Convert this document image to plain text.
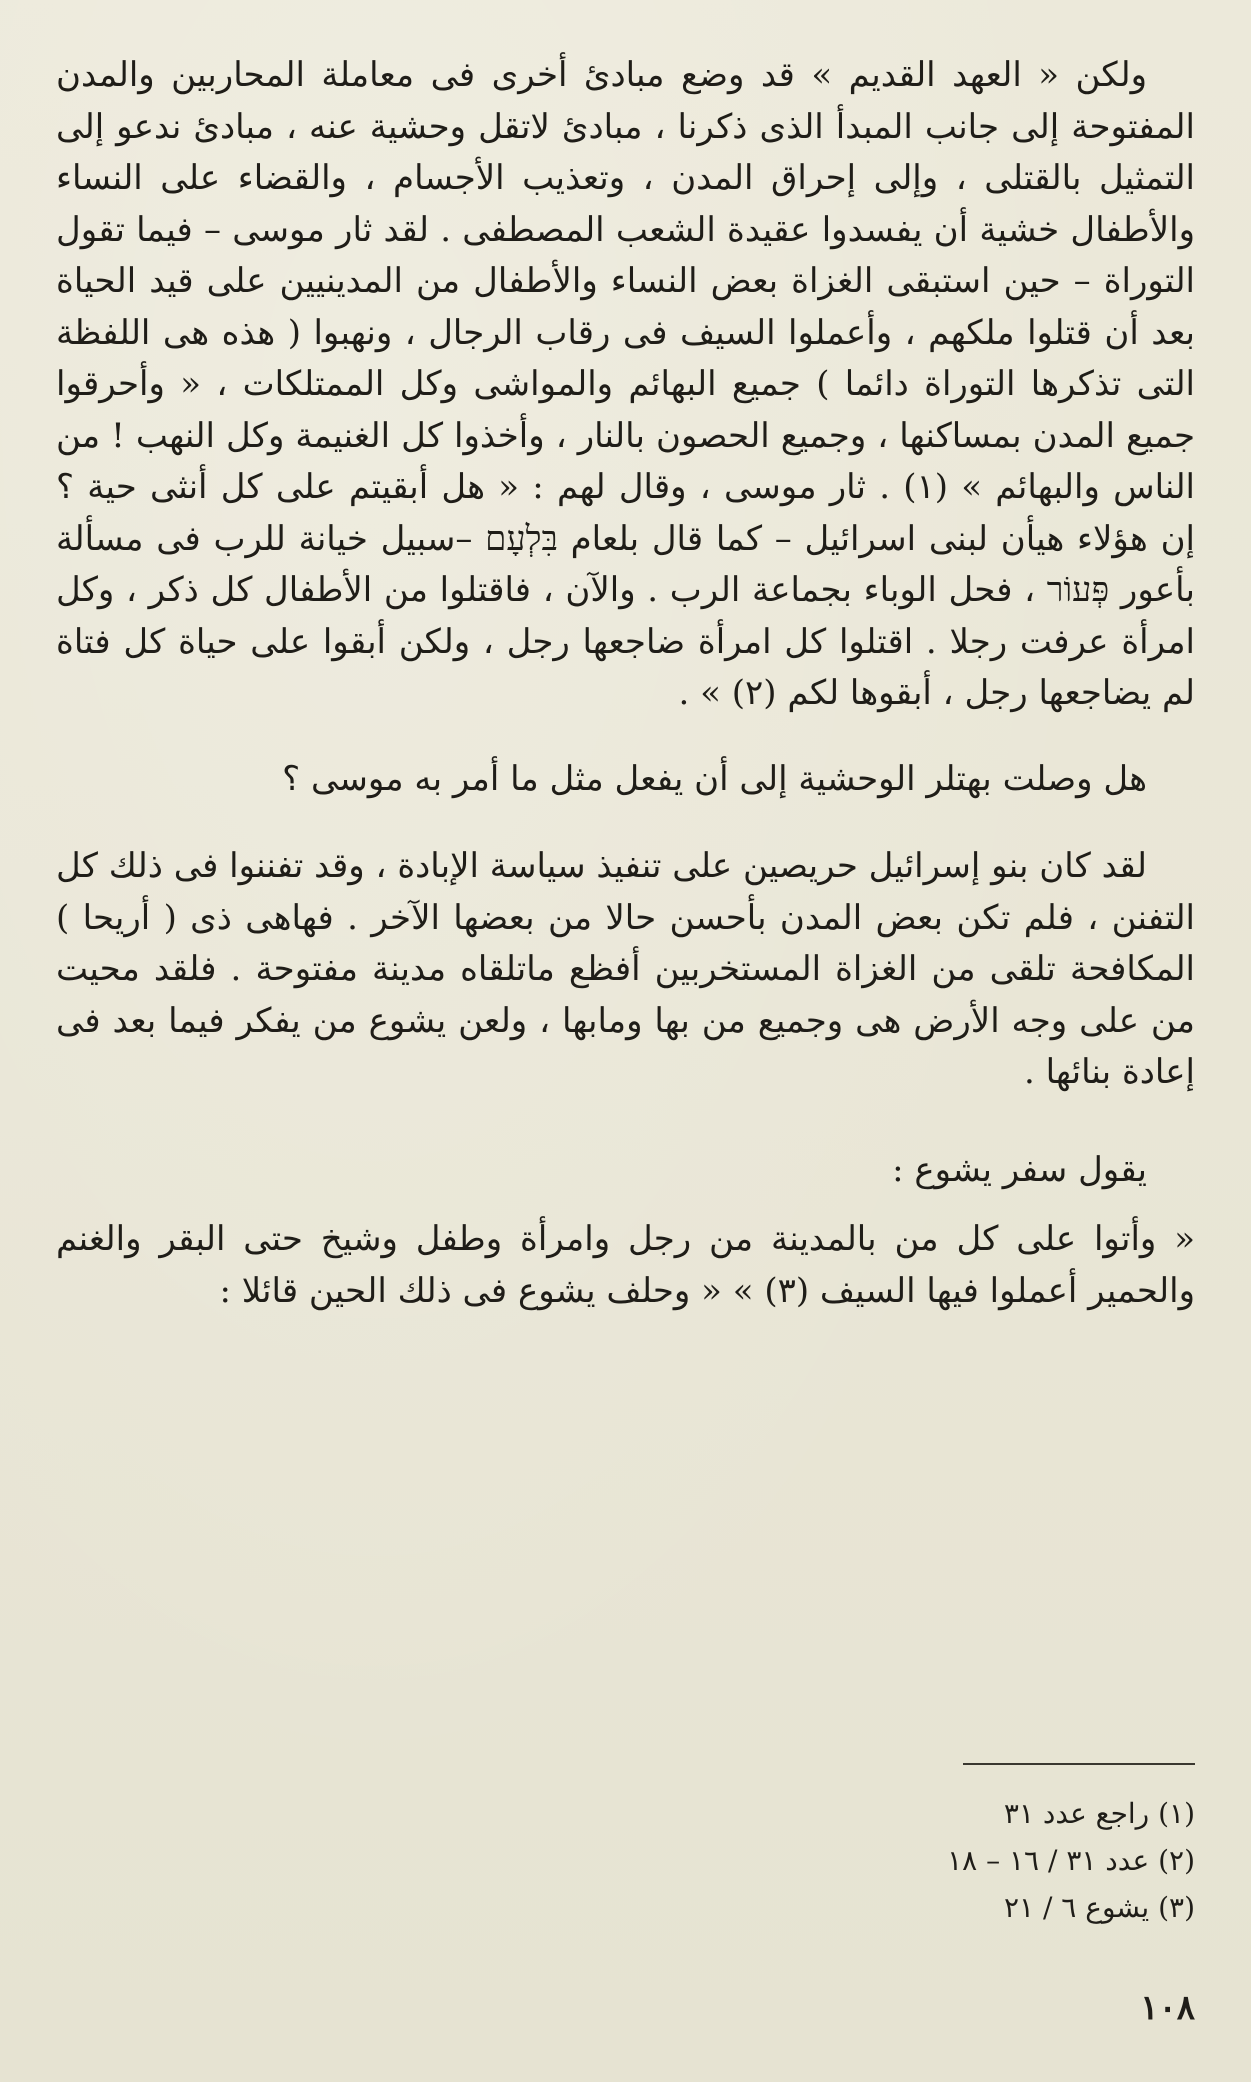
ولكن « العهد القديم » قد وضع مبادئ أخرى فى معاملة المحاربين والمدن المفتوحة إلى جانب المبدأ الذى ذكرنا ، مبادئ لاتقل وحشية عنه ، مبادئ ندعو إلى التمثيل بالقتلى ، وإلى إحراق المدن ، وتعذيب الأجسام ، والقضاء على النساء والأطفال خشية أن يفسدوا عقيدة الشعب المصطفى . لقد ثار موسى – فيما تقول التوراة – حين استبقى الغزاة بعض النساء والأطفال من المدينيين على قيد الحياة بعد أن قتلوا ملكهم ، وأعملوا السيف فى رقاب الرجال ، ونهبوا ( هذه هى اللفظة التى تذكرها التوراة دائما ) جميع البهائم والمواشى وكل الممتلكات ، « وأحرقوا جميع المدن بمساكنها ، وجميع الحصون بالنار ، وأخذوا كل الغنيمة وكل النهب ! من الناس والبهائم » (١) . ثار موسى ، وقال لهم : « هل أبقيتم على كل أنثى حية ؟ إن هؤلاء هيأن لبنى اسرائيل – كما قال بلعام בִּלְעָם –سبيل خيانة للرب فى مسألة بأعور פְּעוֹר ، فحل الوباء بجماعة الرب . والآن ، فاقتلوا من الأطفال كل ذكر ، وكل امرأة عرفت رجلا . اقتلوا كل امرأة ضاجعها رجل ، ولكن أبقوا على حياة كل فتاة لم يضاجعها رجل ، أبقوها لكم (٢) » .

هل وصلت بهتلر الوحشية إلى أن يفعل مثل ما أمر به موسى ؟

لقد كان بنو إسرائيل حريصين على تنفيذ سياسة الإبادة ، وقد تفننوا فى ذلك كل التفنن ، فلم تكن بعض المدن بأحسن حالا من بعضها الآخر . فهاهى ذى ( أريحا ) المكافحة تلقى من الغزاة المستخربين أفظع ماتلقاه مدينة مفتوحة . فلقد محيت من على وجه الأرض هى وجميع من بها ومابها ، ولعن يشوع من يفكر فيما بعد فى إعادة بنائها .

يقول سفر يشوع :

« وأتوا على كل من بالمدينة من رجل وامرأة وطفل وشيخ حتى البقر والغنم والحمير أعملوا فيها السيف (٣) » « وحلف يشوع فى ذلك الحين قائلا :

(١) راجع عدد ٣١

(٢) عدد ٣١ / ١٦ – ١٨

(٣) يشوع ٦ / ٢١

١٠٨
